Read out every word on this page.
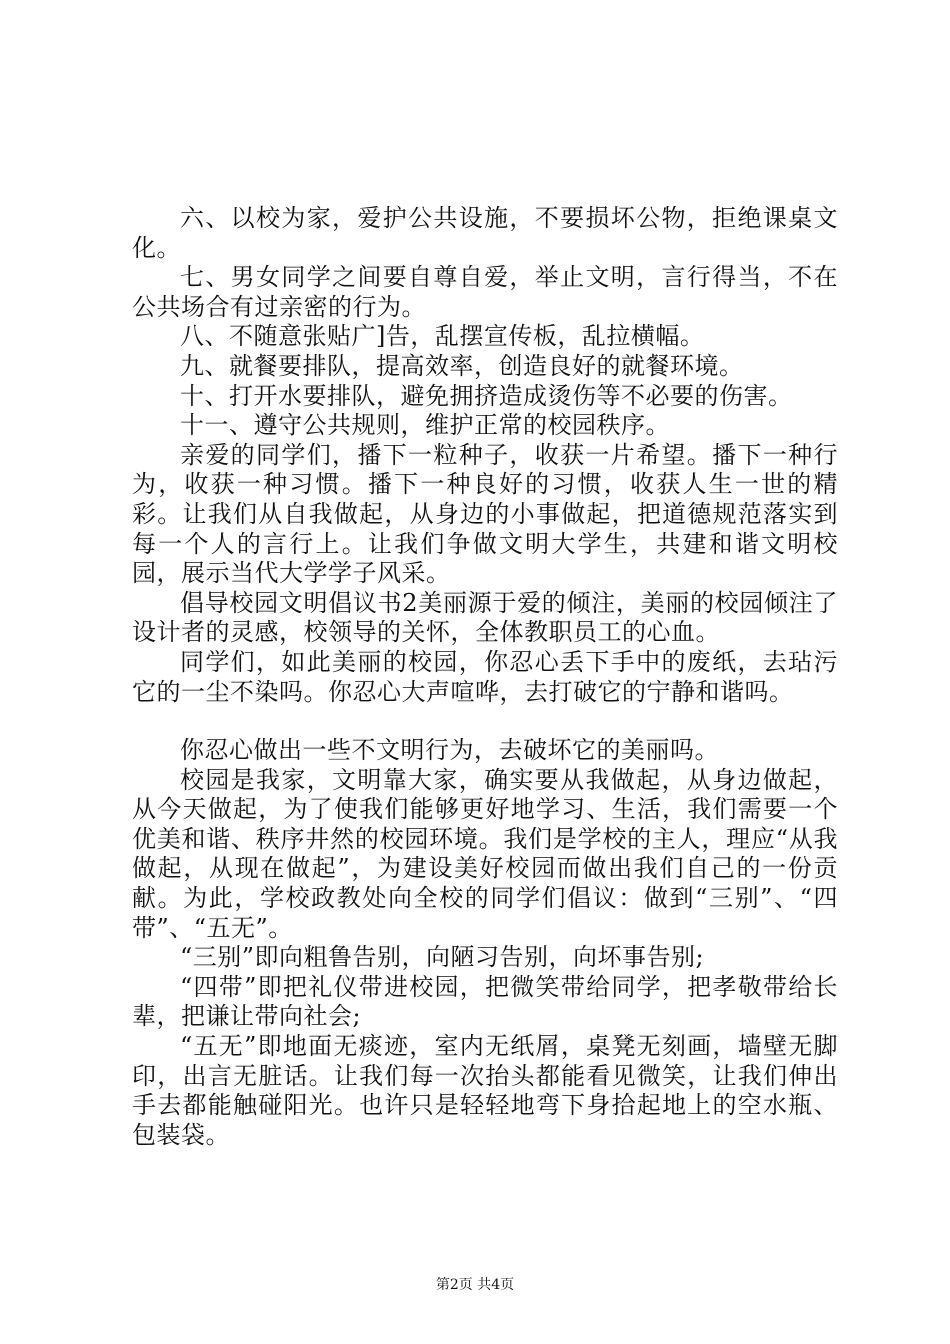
六、以校为家，爱护公共设施，不要损坏公物，拒绝课桌文化。

七、男女同学之间要自尊自爱，举止文明，言行得当，不在公共场合有过亲密的行为。

八、不随意张贴广]告，乱摆宣传板，乱拉横幅。

九、就餐要排队，提高效率，创造良好的就餐环境。

十、打开水要排队，避免拥挤造成烫伤等不必要的伤害。

十一、遵守公共规则，维护正常的校园秩序。

亲爱的同学们，播下一粒种子，收获一片希望。播下一种行为，收获一种习惯。播下一种良好的习惯，收获人生一世的精彩。让我们从自我做起，从身边的小事做起，把道德规范落实到每一个人的言行上。让我们争做文明大学生，共建和谐文明校园，展示当代大学学子风采。

倡导校园文明倡议书2美丽源于爱的倾注，美丽的校园倾注了设计者的灵感，校领导的关怀，全体教职员工的心血。

同学们，如此美丽的校园，你忍心丢下手中的废纸，去玷污它的一尘不染吗。你忍心大声喧哗，去打破它的宁静和谐吗。

你忍心做出一些不文明行为，去破坏它的美丽吗。

校园是我家，文明靠大家，确实要从我做起，从身边做起，从今天做起，为了使我们能够更好地学习、生活，我们需要一个优美和谐、秩序井然的校园环境。我们是学校的主人，理应“从我做起，从现在做起”，为建设美好校园而做出我们自己的一份贡献。为此，学校政教处向全校的同学们倡议：做到“三别”、“四带”、“五无”。

“三别”即向粗鲁告别，向陋习告别，向坏事告别;

“四带”即把礼仪带进校园，把微笑带给同学，把孝敬带给长辈，把谦让带向社会;

“五无”即地面无痰迹，室内无纸屑，桌凳无刻画，墙壁无脚印，出言无脏话。让我们每一次抬头都能看见微笑，让我们伸出手去都能触碰阳光。也许只是轻轻地弯下身拾起地上的空水瓶、包装袋。

第2页 共4页
